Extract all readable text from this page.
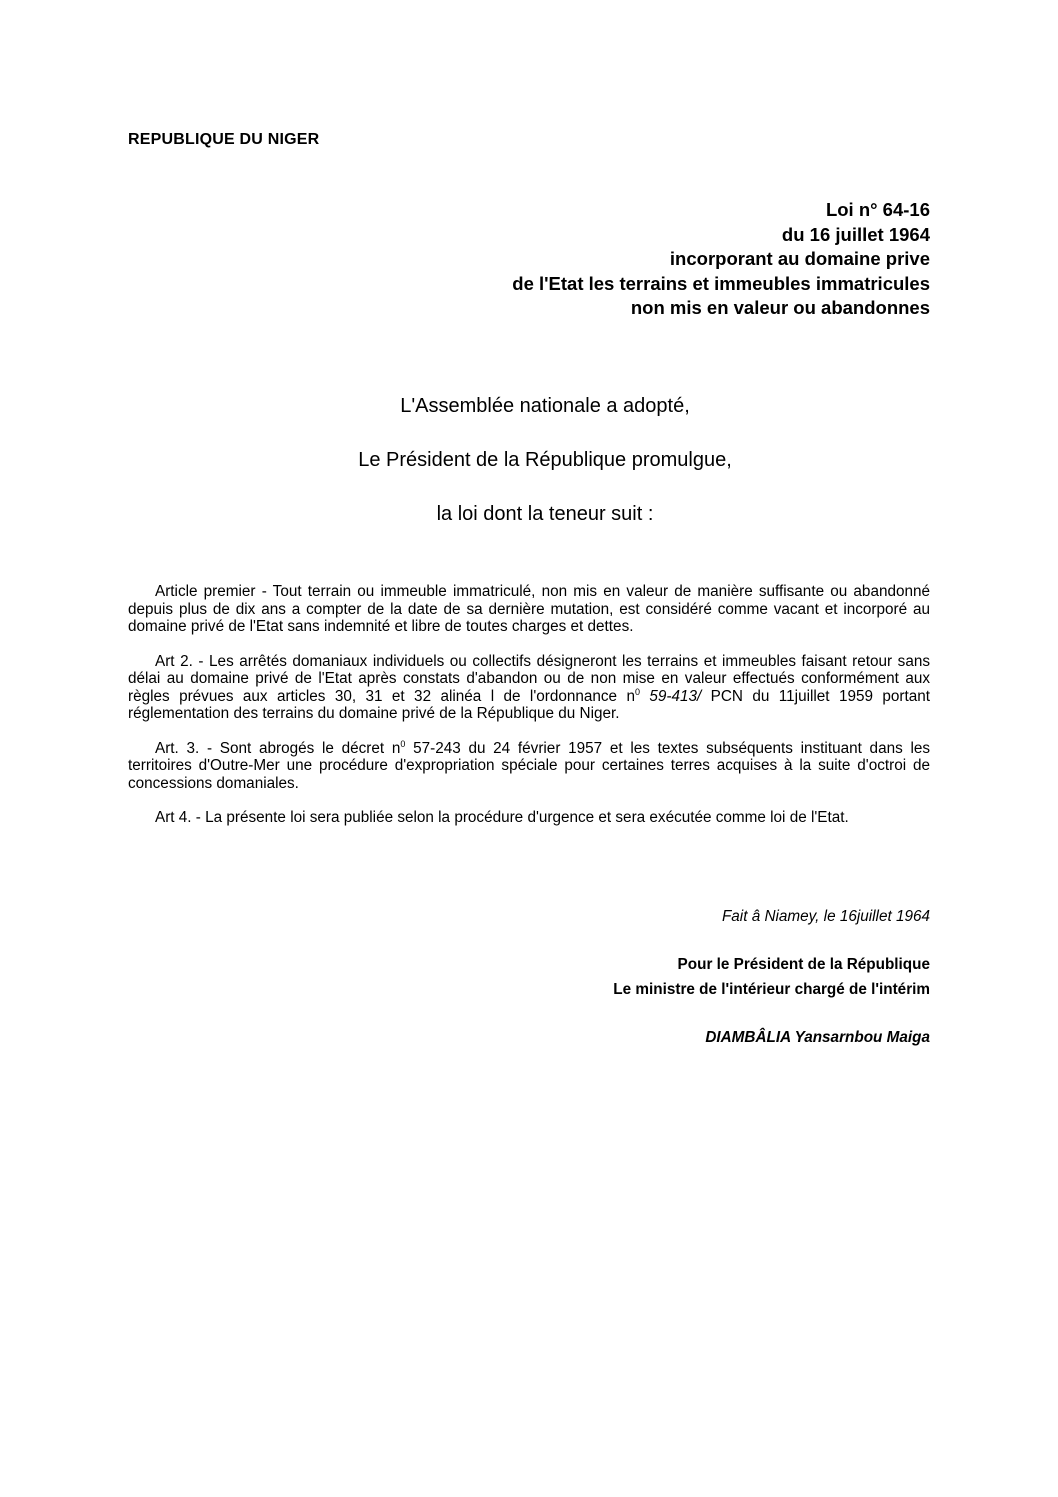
REPUBLIQUE DU NIGER
Loi n° 64-16
du 16 juillet 1964
incorporant au domaine prive
de l'Etat les terrains et immeubles immatricules
non mis en valeur ou abandonnes
L'Assemblée nationale a adopté,
Le Président de la République promulgue,
la loi dont la teneur suit :

Article premier - Tout terrain ou immeuble immatriculé, non mis en valeur de manière suffisante ou abandonné depuis plus de dix ans a compter de la date de sa dernière mutation, est considéré comme vacant et incorporé au domaine privé de l'Etat sans indemnité et libre de toutes charges et dettes.

Art 2. - Les arrêtés domaniaux individuels ou collectifs désigneront les terrains et immeubles faisant retour sans délai au domaine privé de l'Etat après constats d'abandon ou de non mise en valeur effectués conformément aux règles prévues aux articles 30, 31 et 32 alinéa l de l'ordonnance $n^0$ 59-413/ PCN du 11juillet 1959 portant réglementation des terrains du domaine privé de la République du Niger.

Art. 3. - Sont abrogés le décret $n^0$ 57-243 du 24 février 1957 et les textes subséquents instituant dans les territoires d'Outre-Mer une procédure d'expropriation spéciale pour certaines terres acquises à la suite d'octroi de concessions domaniales.

Art 4. - La présente loi sera publiée selon la procédure d'urgence et sera exécutée comme loi de l'Etat.

Fait â Niamey, le 16juillet 1964
Pour le Président de la République
Le ministre de l'intérieur chargé de l'intérim
DIAMBÂLIA Yansarnbou Maiga
